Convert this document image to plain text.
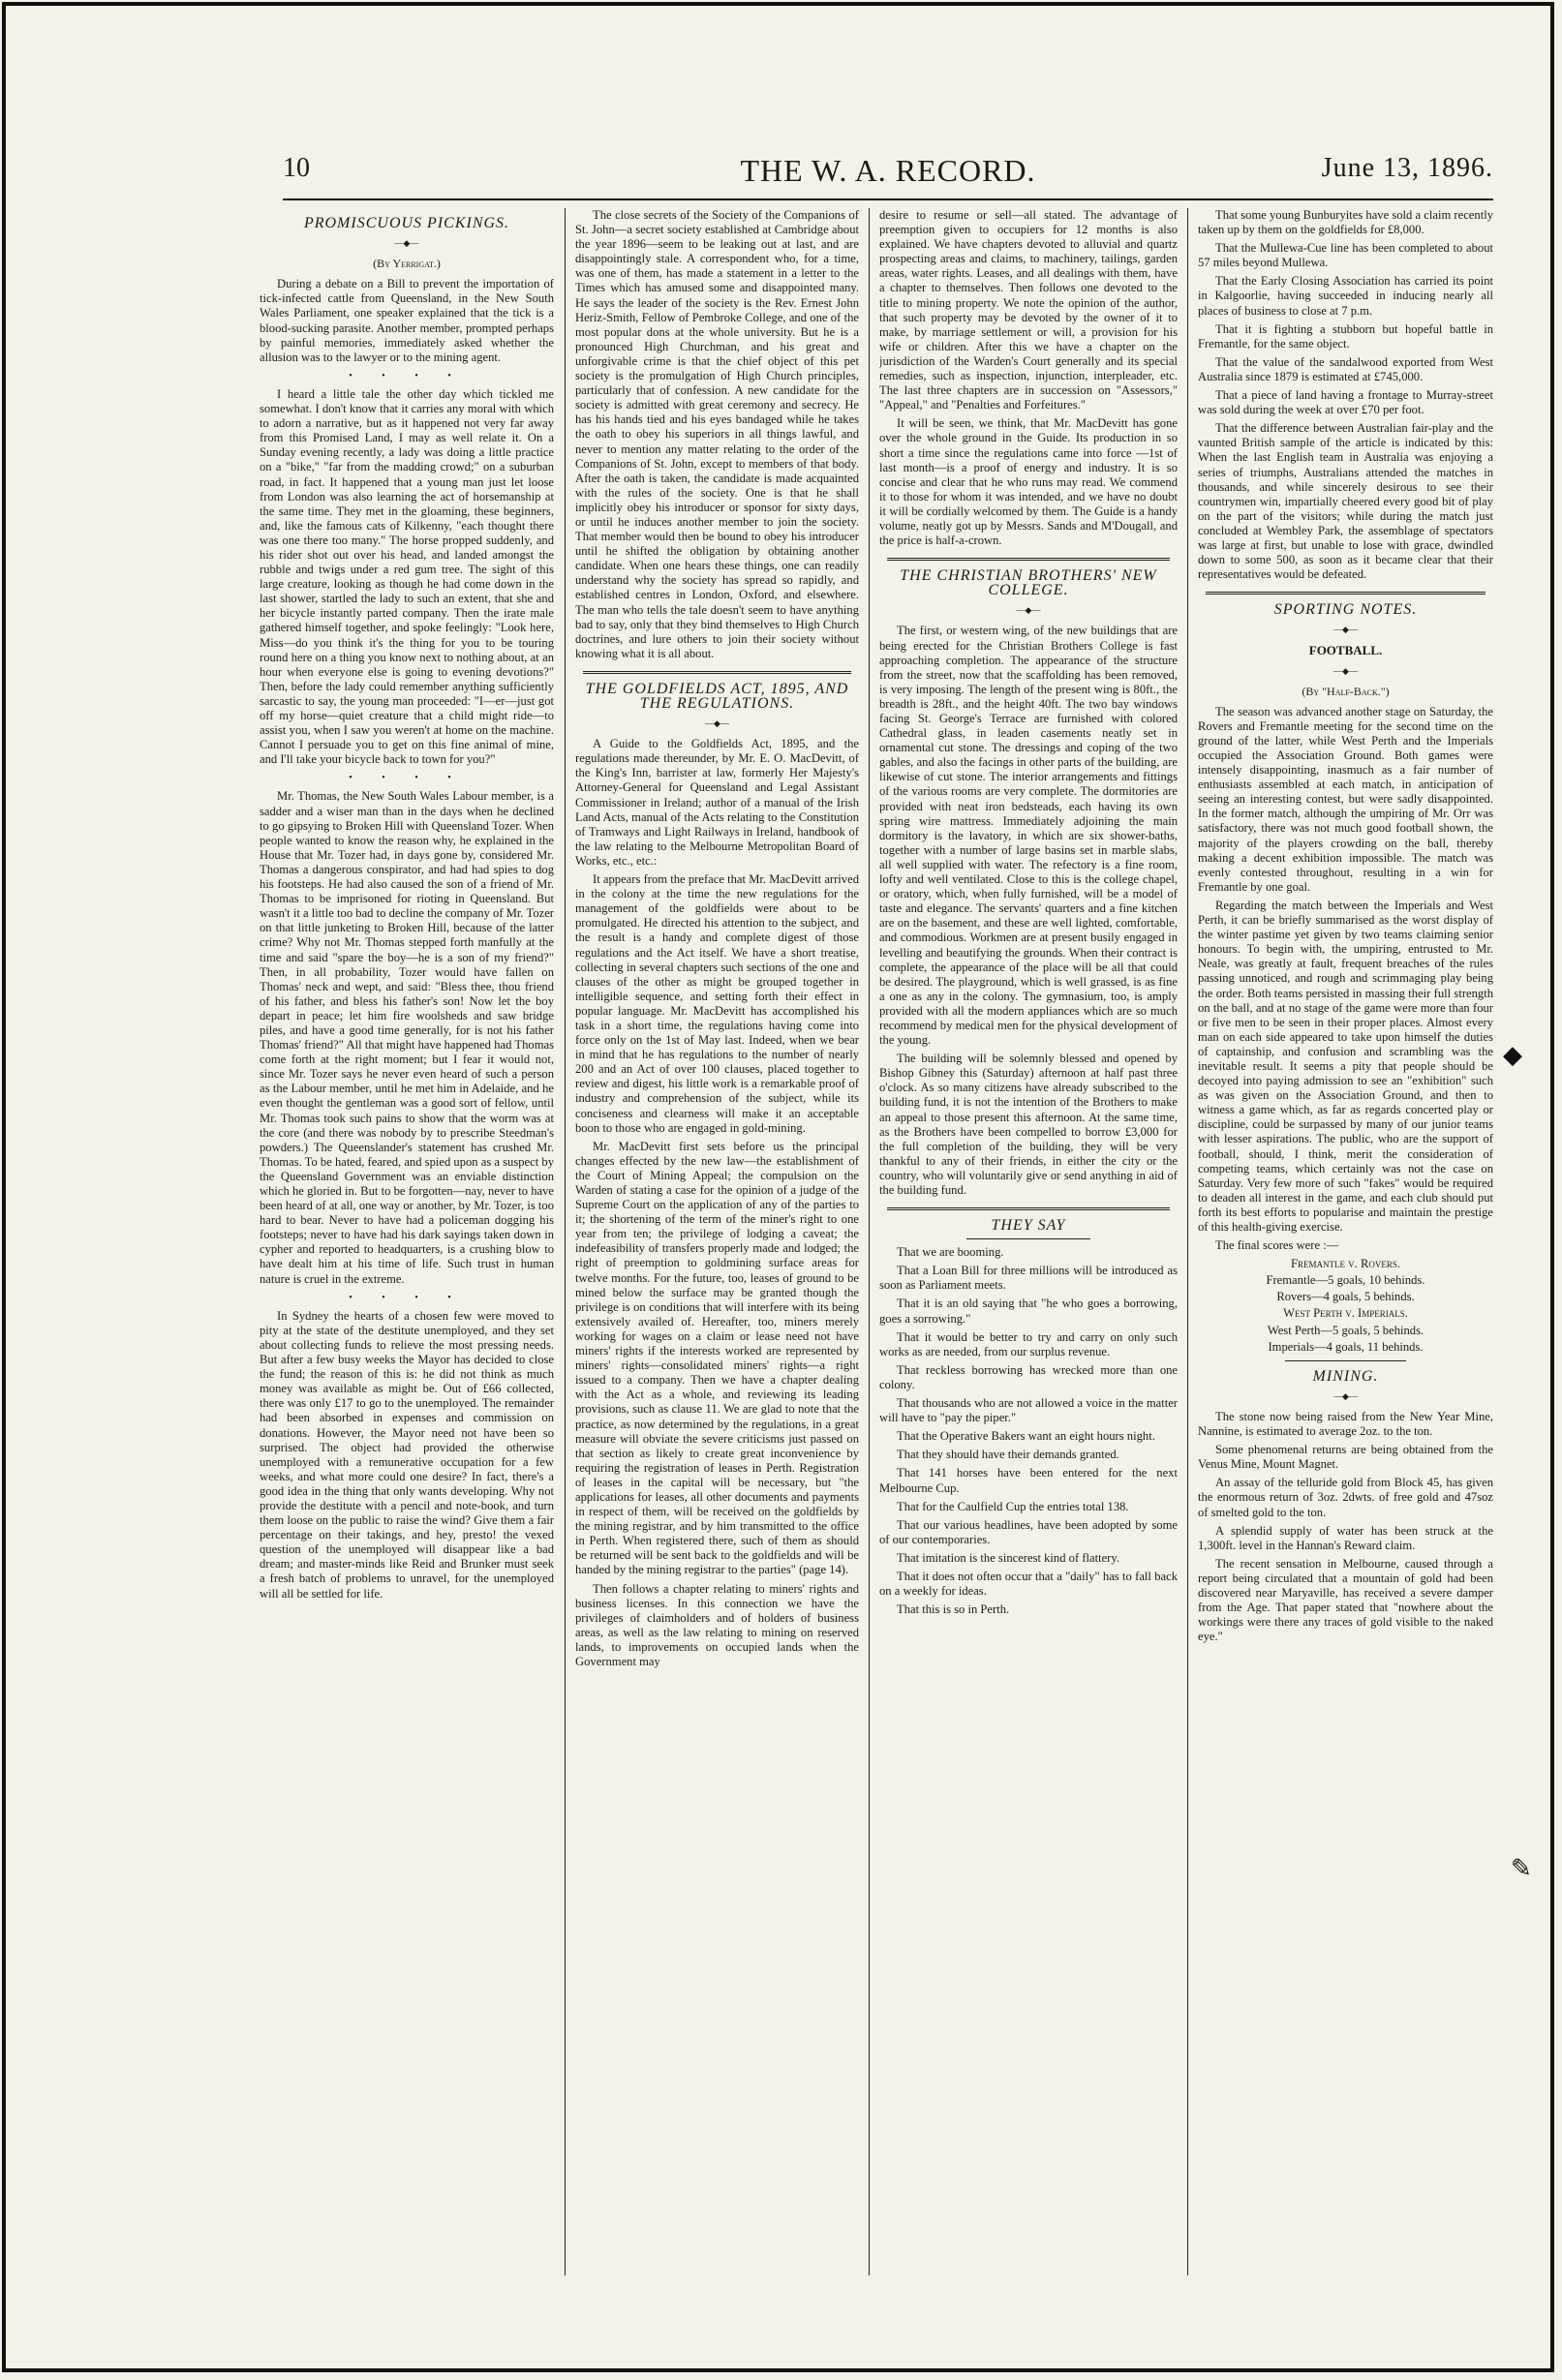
10	THE W. A. RECORD.	June 13, 1896.
PROMISCUOUS PICKINGS.
—◆—
(By Yerrigat.)

During a debate on a Bill to prevent the importation of tick-infected cattle from Queensland, in the New South Wales Parliament, one speaker explained that the tick is a blood-sucking parasite. Another member, prompted perhaps by painful memories, immediately asked whether the allusion was to the lawyer or to the mining agent.

• • • •

I heard a little tale the other day which tickled me somewhat. I don't know that it carries any moral with which to adorn a narrative, but as it happened not very far away from this Promised Land, I may as well relate it. On a Sunday evening recently, a lady was doing a little practice on a "bike," "far from the madding crowd;" on a suburban road, in fact. It happened that a young man just let loose from London was also learning the act of horsemanship at the same time. They met in the gloaming, these beginners, and, like the famous cats of Kilkenny, "each thought there was one there too many." The horse propped suddenly, and his rider shot out over his head, and landed amongst the rubble and twigs under a red gum tree. The sight of this large creature, looking as though he had come down in the last shower, startled the lady to such an extent, that she and her bicycle instantly parted company. Then the irate male gathered himself together, and spoke feelingly: "Look here, Miss—do you think it's the thing for you to be touring round here on a thing you know next to nothing about, at an hour when everyone else is going to evening devotions?" Then, before the lady could remember anything sufficiently sarcastic to say, the young man proceeded: "I—er—just got off my horse—quiet creature that a child might ride—to assist you, when I saw you weren't at home on the machine. Cannot I persuade you to get on this fine animal of mine, and I'll take your bicycle back to town for you?"

• • • •

Mr. Thomas, the New South Wales Labour member, is a sadder and a wiser man than in the days when he declined to go gipsying to Broken Hill with Queensland Tozer. When people wanted to know the reason why, he explained in the House that Mr. Tozer had, in days gone by, considered Mr. Thomas a dangerous conspirator, and had had spies to dog his footsteps. He had also caused the son of a friend of Mr. Thomas to be imprisoned for rioting in Queensland. But wasn't it a little too bad to decline the company of Mr. Tozer on that little junketing to Broken Hill, because of the latter crime? Why not Mr. Thomas stepped forth manfully at the time and said "spare the boy—he is a son of my friend?" Then, in all probability, Tozer would have fallen on Thomas' neck and wept, and said: "Bless thee, thou friend of his father, and bless his father's son! Now let the boy depart in peace; let him fire woolsheds and saw bridge piles, and have a good time generally, for is not his father Thomas' friend?" All that might have happened had Thomas come forth at the right moment; but I fear it would not, since Mr. Tozer says he never even heard of such a person as the Labour member, until he met him in Adelaide, and he even thought the gentleman was a good sort of fellow, until Mr. Thomas took such pains to show that the worm was at the core (and there was nobody by to prescribe Steedman's powders.) The Queenslander's statement has crushed Mr. Thomas. To be hated, feared, and spied upon as a suspect by the Queensland Government was an enviable distinction which he gloried in. But to be forgotten—nay, never to have been heard of at all, one way or another, by Mr. Tozer, is too hard to bear. Never to have had a policeman dogging his footsteps; never to have had his dark sayings taken down in cypher and reported to headquarters, is a crushing blow to have dealt him at his time of life. Such trust in human nature is cruel in the extreme.

• • • •

In Sydney the hearts of a chosen few were moved to pity at the state of the destitute unemployed, and they set about collecting funds to relieve the most pressing needs. But after a few busy weeks the Mayor has decided to close the fund; the reason of this is: he did not think as much money was available as might be. Out of £66 collected, there was only £17 to go to the unemployed. The remainder had been absorbed in expenses and commission on donations. However, the Mayor need not have been so surprised. The object had provided the otherwise unemployed with a remunerative occupation for a few weeks, and what more could one desire? In fact, there's a good idea in the thing that only wants developing. Why not provide the destitute with a pencil and note-book, and turn them loose on the public to raise the wind? Give them a fair percentage on their takings, and hey, presto! the vexed question of the unemployed will disappear like a bad dream; and master-minds like Reid and Brunker must seek a fresh batch of problems to unravel, for the unemployed will all be settled for life.

The close secrets of the Society of the Companions of St. John—a secret society established at Cambridge about the year 1896—seem to be leaking out at last, and are disappointingly stale. A correspondent who, for a time, was one of them, has made a statement in a letter to the Times which has amused some and disappointed many. He says the leader of the society is the Rev. Ernest John Heriz-Smith, Fellow of Pembroke College, and one of the most popular dons at the whole university. But he is a pronounced High Churchman, and his great and unforgivable crime is that the chief object of this pet society is the promulgation of High Church principles, particularly that of confession. A new candidate for the society is admitted with great ceremony and secrecy. He has his hands tied and his eyes bandaged while he takes the oath to obey his superiors in all things lawful, and never to mention any matter relating to the order of the Companions of St. John, except to members of that body. After the oath is taken, the candidate is made acquainted with the rules of the society. One is that he shall implicitly obey his introducer or sponsor for sixty days, or until he induces another member to join the society. That member would then be bound to obey his introducer until he shifted the obligation by obtaining another candidate. When one hears these things, one can readily understand why the society has spread so rapidly, and established centres in London, Oxford, and elsewhere. The man who tells the tale doesn't seem to have anything bad to say, only that they bind themselves to High Church doctrines, and lure others to join their society without knowing what it is all about.

THE GOLDFIELDS ACT, 1895, AND THE REGULATIONS.
—◆—

A Guide to the Goldfields Act, 1895, and the regulations made thereunder, by Mr. E. O. MacDevitt, of the King's Inn, barrister at law, formerly Her Majesty's Attorney-General for Queensland and Legal Assistant Commissioner in Ireland; author of a manual of the Irish Land Acts, manual of the Acts relating to the Constitution of Tramways and Light Railways in Ireland, handbook of the law relating to the Melbourne Metropolitan Board of Works, etc., etc.:

It appears from the preface that Mr. MacDevitt arrived in the colony at the time the new regulations for the management of the goldfields were about to be promulgated. He directed his attention to the subject, and the result is a handy and complete digest of those regulations and the Act itself. We have a short treatise, collecting in several chapters such sections of the one and clauses of the other as might be grouped together in intelligible sequence, and setting forth their effect in popular language. Mr. MacDevitt has accomplished his task in a short time, the regulations having come into force only on the 1st of May last. Indeed, when we bear in mind that he has regulations to the number of nearly 200 and an Act of over 100 clauses, placed together to review and digest, his little work is a remarkable proof of industry and comprehension of the subject, while its conciseness and clearness will make it an acceptable boon to those who are engaged in gold-mining.

Mr. MacDevitt first sets before us the principal changes effected by the new law—the establishment of the Court of Mining Appeal; the compulsion on the Warden of stating a case for the opinion of a judge of the Supreme Court on the application of any of the parties to it; the shortening of the term of the miner's right to one year from ten; the privilege of lodging a caveat; the indefeasibility of transfers properly made and lodged; the right of preemption to goldmining surface areas for twelve months. For the future, too, leases of ground to be mined below the surface may be granted though the privilege is on conditions that will interfere with its being extensively availed of. Hereafter, too, miners merely working for wages on a claim or lease need not have miners' rights if the interests worked are represented by miners' rights—consolidated miners' rights—a right issued to a company. Then we have a chapter dealing with the Act as a whole, and reviewing its leading provisions, such as clause 11. We are glad to note that the practice, as now determined by the regulations, in a great measure will obviate the severe criticisms just passed on that section as likely to create great inconvenience by requiring the registration of leases in Perth. Registration of leases in the capital will be necessary, but "the applications for leases, all other documents and payments in respect of them, will be received on the goldfields by the mining registrar, and by him transmitted to the office in Perth. When registered there, such of them as should be returned will be sent back to the goldfields and will be handed by the mining registrar to the parties" (page 14).

Then follows a chapter relating to miners' rights and business licenses. In this connection we have the privileges of claimholders and of holders of business areas, as well as the law relating to mining on reserved lands, to improvements on occupied lands when the Government may

desire to resume or sell—all stated. The advantage of preemption given to occupiers for 12 months is also explained. We have chapters devoted to alluvial and quartz prospecting areas and claims, to machinery, tailings, garden areas, water rights. Leases, and all dealings with them, have a chapter to themselves. Then follows one devoted to the title to mining property. We note the opinion of the author, that such property may be devoted by the owner of it to make, by marriage settlement or will, a provision for his wife or children. After this we have a chapter on the jurisdiction of the Warden's Court generally and its special remedies, such as inspection, injunction, interpleader, etc. The last three chapters are in succession on "Assessors," "Appeal," and "Penalties and Forfeitures."

It will be seen, we think, that Mr. MacDevitt has gone over the whole ground in the Guide. Its production in so short a time since the regulations came into force —1st of last month—is a proof of energy and industry. It is so concise and clear that he who runs may read. We commend it to those for whom it was intended, and we have no doubt it will be cordially welcomed by them. The Guide is a handy volume, neatly got up by Messrs. Sands and M'Dougall, and the price is half-a-crown.

THE CHRISTIAN BROTHERS' NEW COLLEGE.
—◆—

The first, or western wing, of the new buildings that are being erected for the Christian Brothers College is fast approaching completion. The appearance of the structure from the street, now that the scaffolding has been removed, is very imposing. The length of the present wing is 80ft., the breadth is 28ft., and the height 40ft. The two bay windows facing St. George's Terrace are furnished with colored Cathedral glass, in leaden casements neatly set in ornamental cut stone. The dressings and coping of the two gables, and also the facings in other parts of the building, are likewise of cut stone. The interior arrangements and fittings of the various rooms are very complete. The dormitories are provided with neat iron bedsteads, each having its own spring wire mattress. Immediately adjoining the main dormitory is the lavatory, in which are six shower-baths, together with a number of large basins set in marble slabs, all well supplied with water. The refectory is a fine room, lofty and well ventilated. Close to this is the college chapel, or oratory, which, when fully furnished, will be a model of taste and elegance. The servants' quarters and a fine kitchen are on the basement, and these are well lighted, comfortable, and commodious. Workmen are at present busily engaged in levelling and beautifying the grounds. When their contract is complete, the appearance of the place will be all that could be desired. The playground, which is well grassed, is as fine a one as any in the colony. The gymnasium, too, is amply provided with all the modern appliances which are so much recommend by medical men for the physical development of the young.

The building will be solemnly blessed and opened by Bishop Gibney this (Saturday) afternoon at half past three o'clock. As so many citizens have already subscribed to the building fund, it is not the intention of the Brothers to make an appeal to those present this afternoon. At the same time, as the Brothers have been compelled to borrow £3,000 for the full completion of the building, they will be very thankful to any of their friends, in either the city or the country, who will voluntarily give or send anything in aid of the building fund.

THEY SAY

That we are booming.

That a Loan Bill for three millions will be introduced as soon as Parliament meets.

That it is an old saying that "he who goes a borrowing, goes a sorrowing."

That it would be better to try and carry on only such works as are needed, from our surplus revenue.

That reckless borrowing has wrecked more than one colony.

That thousands who are not allowed a voice in the matter will have to "pay the piper."

That the Operative Bakers want an eight hours night.

That they should have their demands granted.

That 141 horses have been entered for the next Melbourne Cup.

That for the Caulfield Cup the entries total 138.

That our various headlines, have been adopted by some of our contemporaries.

That imitation is the sincerest kind of flattery.

That it does not often occur that a "daily" has to fall back on a weekly for ideas.

That this is so in Perth.

That some young Bunburyites have sold a claim recently taken up by them on the goldfields for £8,000.

That the Mullewa-Cue line has been completed to about 57 miles beyond Mullewa.

That the Early Closing Association has carried its point in Kalgoorlie, having succeeded in inducing nearly all places of business to close at 7 p.m.

That it is fighting a stubborn but hopeful battle in Fremantle, for the same object.

That the value of the sandalwood exported from West Australia since 1879 is estimated at £745,000.

That a piece of land having a frontage to Murray-street was sold during the week at over £70 per foot.

That the difference between Australian fair-play and the vaunted British sample of the article is indicated by this: When the last English team in Australia was enjoying a series of triumphs, Australians attended the matches in thousands, and while sincerely desirous to see their countrymen win, impartially cheered every good bit of play on the part of the visitors; while during the match just concluded at Wembley Park, the assemblage of spectators was large at first, but unable to lose with grace, dwindled down to some 500, as soon as it became clear that their representatives would be defeated.

SPORTING NOTES.
—◆—
FOOTBALL.
—◆—
(By "Half-Back.")

The season was advanced another stage on Saturday, the Rovers and Fremantle meeting for the second time on the ground of the latter, while West Perth and the Imperials occupied the Association Ground. Both games were intensely disappointing, inasmuch as a fair number of enthusiasts assembled at each match, in anticipation of seeing an interesting contest, but were sadly disappointed. In the former match, although the umpiring of Mr. Orr was satisfactory, there was not much good football shown, the majority of the players crowding on the ball, thereby making a decent exhibition impossible. The match was evenly contested throughout, resulting in a win for Fremantle by one goal.

Regarding the match between the Imperials and West Perth, it can be briefly summarised as the worst display of the winter pastime yet given by two teams claiming senior honours. To begin with, the umpiring, entrusted to Mr. Neale, was greatly at fault, frequent breaches of the rules passing unnoticed, and rough and scrimmaging play being the order. Both teams persisted in massing their full strength on the ball, and at no stage of the game were more than four or five men to be seen in their proper places. Almost every man on each side appeared to take upon himself the duties of captainship, and confusion and scrambling was the inevitable result. It seems a pity that people should be decoyed into paying admission to see an "exhibition" such as was given on the Association Ground, and then to witness a game which, as far as regards concerted play or discipline, could be surpassed by many of our junior teams with lesser aspirations. The public, who are the support of football, should, I think, merit the consideration of competing teams, which certainly was not the case on Saturday. Very few more of such "fakes" would be required to deaden all interest in the game, and each club should put forth its best efforts to popularise and maintain the prestige of this health-giving exercise.

The final scores were :—

Fremantle v. Rovers.
Fremantle—5 goals, 10 behinds.
Rovers—4 goals, 5 behinds.
West Perth v. Imperials.
West Perth—5 goals, 5 behinds.
Imperials—4 goals, 11 behinds.
MINING.
—◆—

The stone now being raised from the New Year Mine, Nannine, is estimated to average 2oz. to the ton.

Some phenomenal returns are being obtained from the Venus Mine, Mount Magnet.

An assay of the telluride gold from Block 45, has given the enormous return of 3oz. 2dwts. of free gold and 47soz of smelted gold to the ton.

A splendid supply of water has been struck at the 1,300ft. level in the Hannan's Reward claim.

The recent sensation in Melbourne, caused through a report being circulated that a mountain of gold had been discovered near Maryaville, has received a severe damper from the Age. That paper stated that "nowhere about the workings were there any traces of gold visible to the naked eye."

◆
✎
